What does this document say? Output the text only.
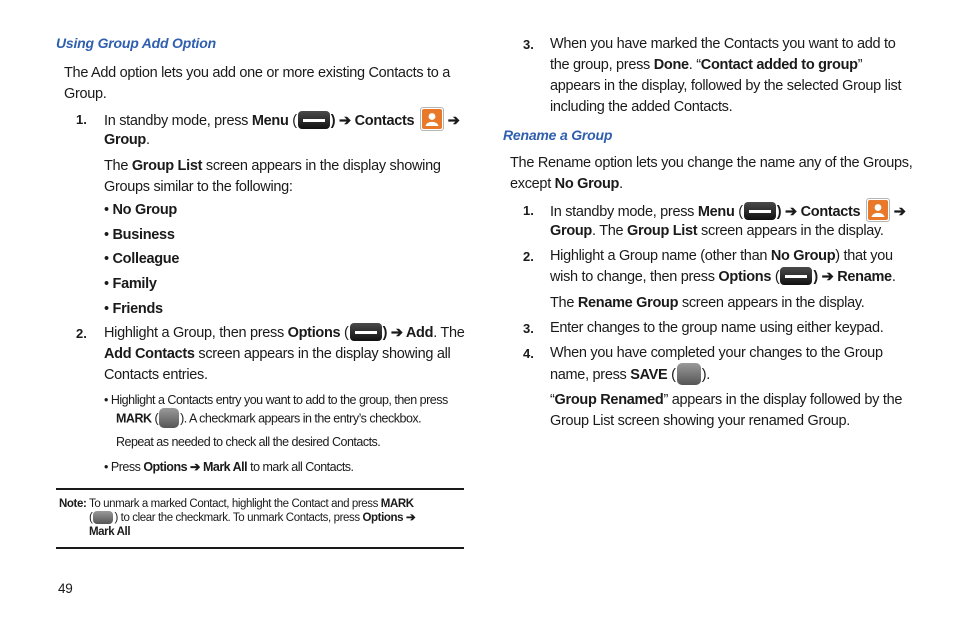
Using Group Add Option
The Add option lets you add one or more existing Contacts to a
Group.
1. In standby mode, press Menu ( ) ➔ Contacts
➔
Group.
The Group List screen appears in the display showing
Groups similar to the following:
• No Group
• Business
• Colleague
• Family
• Friends
2. Highlight a Group, then press Options ( ) ➔ Add. The
Add Contacts screen appears in the display showing all
Contacts entries.
• Highlight a Contacts entry you want to add to the group, then press
MARK ( ). A checkmark appears in the entry’s checkbox.
Repeat as needed to check all the desired Contacts.
• Press Options ➔ Mark All to mark all Contacts.
Note: To unmark a marked Contact, highlight the Contact and press MARK
( ) to clear the checkmark. To unmark Contacts, press Options ➔
Mark All
49
3. When you have marked the Contacts you want to add to
the group, press Done. “Contact added to group”
appears in the display, followed by the selected Group list
including the added Contacts.
Rename a Group
The Rename option lets you change the name any of the Groups,
except No Group.
1. In standby mode, press Menu ( ) ➔ Contacts
➔
Group. The Group List screen appears in the display.
2. Highlight a Group name (other than No Group) that you
wish to change, then press Options ( ) ➔ Rename.
The Rename Group screen appears in the display.
3. Enter changes to the group name using either keypad.
4. When you have completed your changes to the Group
name, press SAVE ( ).
“Group Renamed” appears in the display followed by the
Group List screen showing your renamed Group.
